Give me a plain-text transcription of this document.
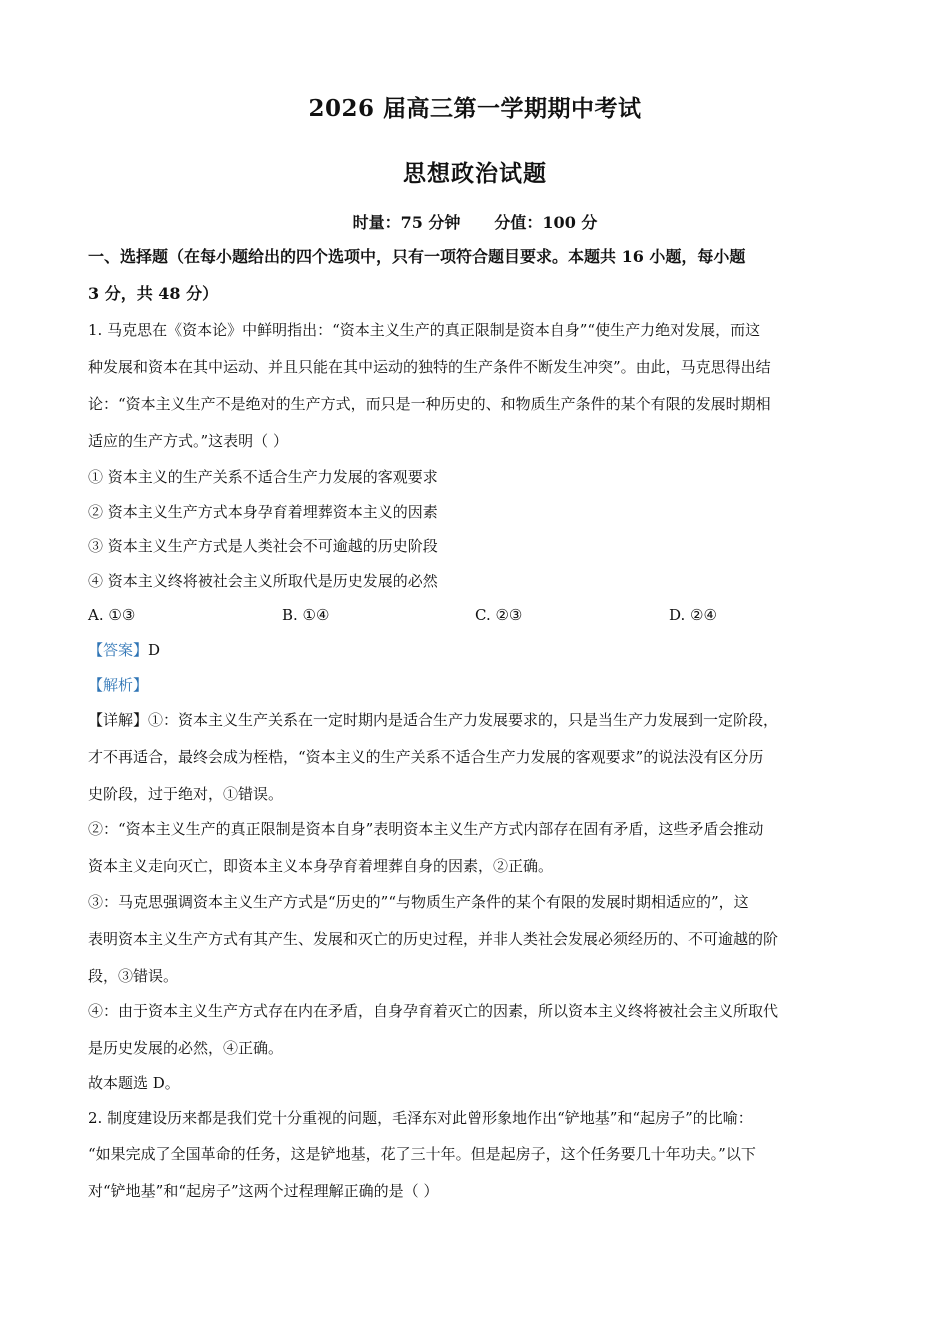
2026 届高三第一学期期中考试
思想政治试题
时量：75 分钟 分值：100 分
一、选择题（在每小题给出的四个选项中，只有一项符合题目要求。本题共 16 小题，每小题
3 分，共 48 分）
1. 马克思在《资本论》中鲜明指出：“资本主义生产的真正限制是资本自身”“使生产力绝对发展，而这
种发展和资本在其中运动、并且只能在其中运动的独特的生产条件不断发生冲突”。由此，马克思得出结
论：“资本主义生产不是绝对的生产方式，而只是一种历史的、和物质生产条件的某个有限的发展时期相
适应的生产方式。”这表明（ ）
① 资本主义的生产关系不适合生产力发展的客观要求
② 资本主义生产方式本身孕育着埋葬资本主义的因素
③ 资本主义生产方式是人类社会不可逾越的历史阶段
④ 资本主义终将被社会主义所取代是历史发展的必然
A. ①③	B. ①④	C. ②③	D. ②④
【答案】D
【解析】
【详解】①：资本主义生产关系在一定时期内是适合生产力发展要求的，只是当生产力发展到一定阶段，
才不再适合，最终会成为桎梏，“资本主义的生产关系不适合生产力发展的客观要求”的说法没有区分历
史阶段，过于绝对，①错误。
②：“资本主义生产的真正限制是资本自身”表明资本主义生产方式内部存在固有矛盾，这些矛盾会推动
资本主义走向灭亡，即资本主义本身孕育着埋葬自身的因素，②正确。
③：马克思强调资本主义生产方式是“历史的”“与物质生产条件的某个有限的发展时期相适应的”，这
表明资本主义生产方式有其产生、发展和灭亡的历史过程，并非人类社会发展必须经历的、不可逾越的阶
段，③错误。
④：由于资本主义生产方式存在内在矛盾，自身孕育着灭亡的因素，所以资本主义终将被社会主义所取代
是历史发展的必然，④正确。
故本题选 D。
2. 制度建设历来都是我们党十分重视的问题，毛泽东对此曾形象地作出“铲地基”和“起房子”的比喻：
“如果完成了全国革命的任务，这是铲地基，花了三十年。但是起房子，这个任务要几十年功夫。”以下
对“铲地基”和“起房子”这两个过程理解正确的是（ ）
